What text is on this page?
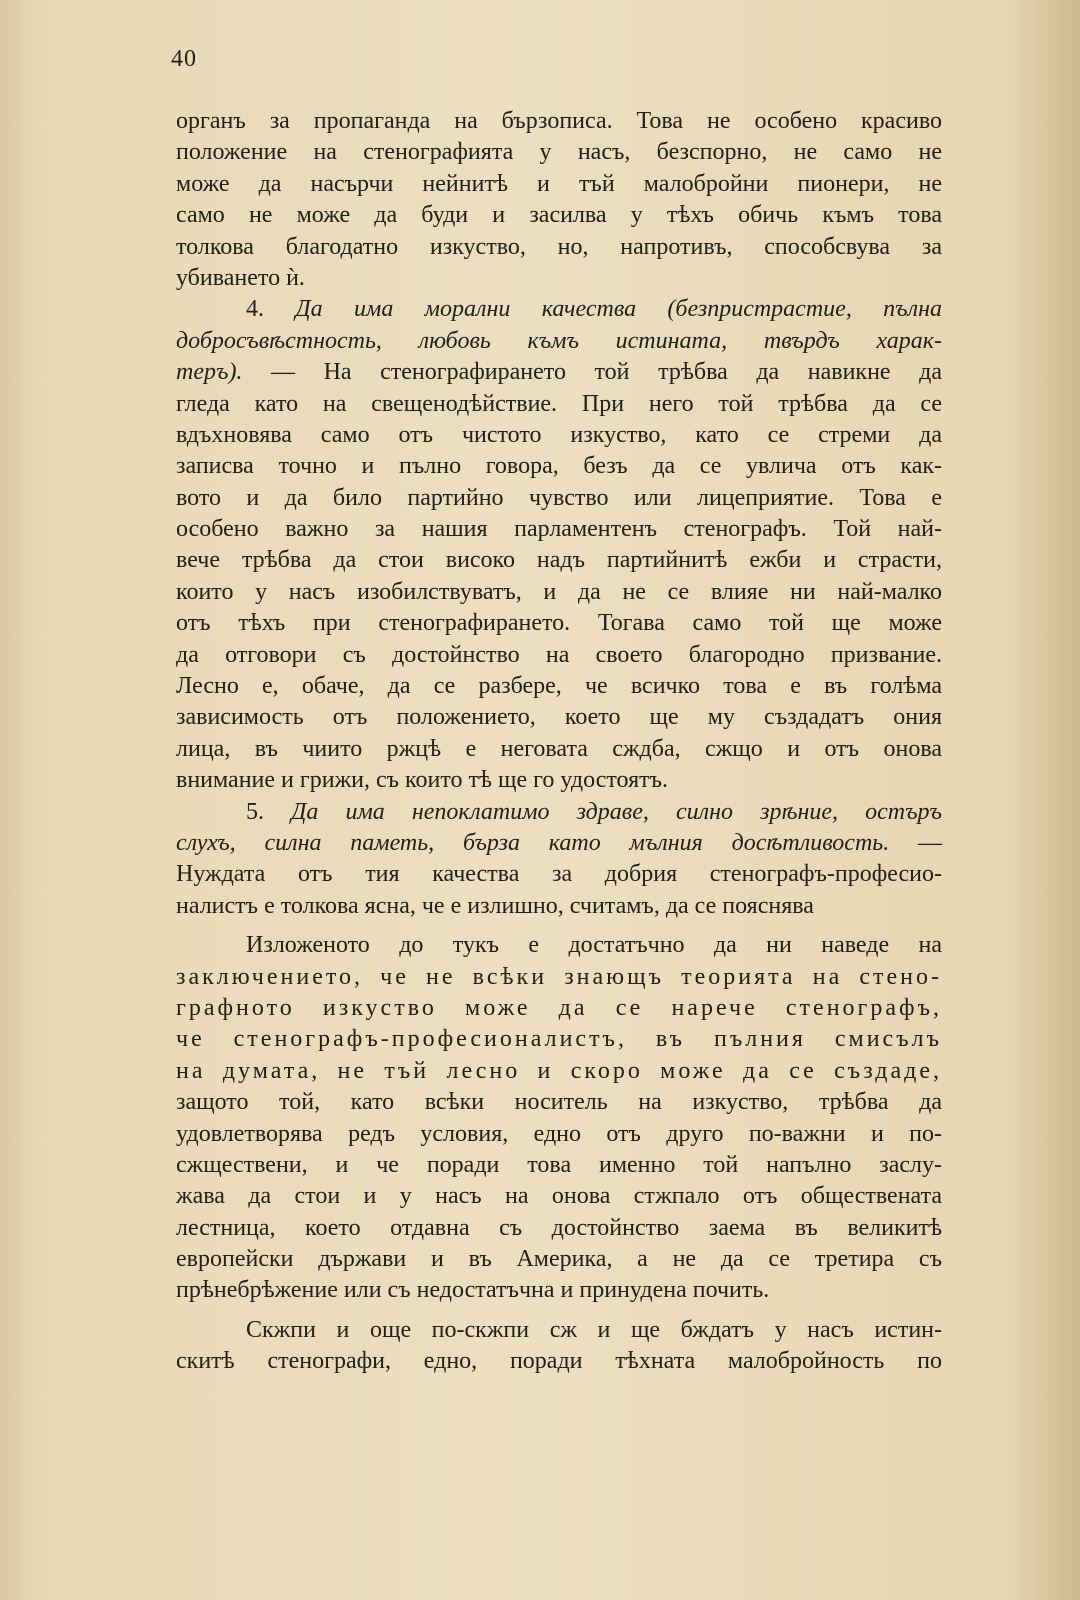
40
органъ за пропаганда на бързописа. Това не особено красиво
положение на стенографията у насъ, безспорно, не само не
може да насърчи нейнитѣ и тъй малобройни пионери, не
само не може да буди и засилва у тѣхъ обичь къмъ това
толкова благодатно изкуство, но, напротивъ, способсвува за
убиването ѝ.
4. Да има морални качества (безпристрастие, пълна
добросъвѣстность, любовь къмъ истината, твърдъ харак-
теръ). — На стенографирането той трѣбва да навикне да
гледа като на свещенодѣйствие. При него той трѣбва да се
вдъхновява само отъ чистото изкуство, като се стреми да
записва точно и пълно говора, безъ да се увлича отъ как-
вото и да било партийно чувство или лицеприятие. Това е
особено важно за нашия парламентенъ стенографъ. Той най-
вече трѣбва да стои високо надъ партийнитѣ ежби и страсти,
които у насъ изобилствуватъ, и да не се влияе ни най-малко
отъ тѣхъ при стенографирането. Тогава само той ще може
да отговори съ достойнство на своето благородно призвание.
Лесно е, обаче, да се разбере, че всичко това е въ голѣма
зависимость отъ положението, което ще му създадатъ ония
лица, въ чиито ржцѣ е неговата сждба, сжщо и отъ онова
внимание и грижи, съ които тѣ ще го удостоятъ.
5. Да има непоклатимо здраве, силно зрѣние, остъръ
слухъ, силна паметь, бърза като мълния досѣтливость. —
Нуждата отъ тия качества за добрия стенографъ-професио-
налистъ е толкова ясна, че е излишно, считамъ, да се пояснява
Изложеното до тукъ е достатъчно да ни наведе на
заключението, че не всѣки знающъ теорията на стено-
графното изкуство може да се нарече стенографъ,
че стенографъ-професионалистъ, въ пълния смисълъ
на думата, не тъй лесно и скоро може да се създаде,
защото той, като всѣки носитель на изкуство, трѣбва да
удовлетворява редъ условия, едно отъ друго по-важни и по-
сжществени, и че поради това именно той напълно заслу-
жава да стои и у насъ на онова стжпало отъ обществената
лестница, което отдавна съ достойнство заема въ великитѣ
европейски държави и въ Америка, а не да се третира съ
прѣнебрѣжение или съ недостатъчна и принудена почить.
Скжпи и още по-скжпи сж и ще бждатъ у насъ истин-
скитѣ стенографи, едно, поради тѣхната малобройность по
